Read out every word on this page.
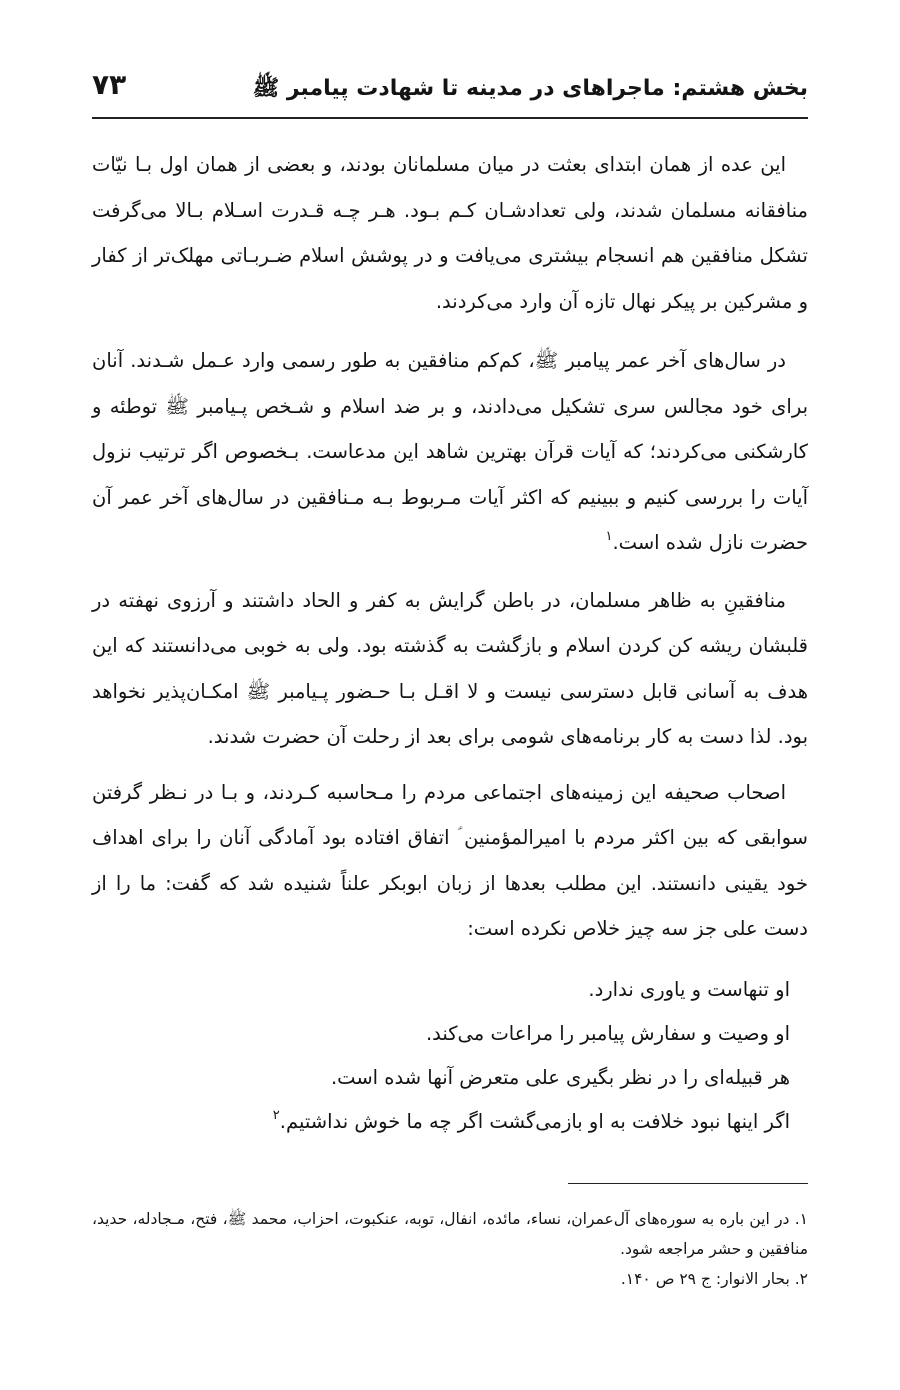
بخش هشتم: ماجراهای در مدینه تا شهادت پیامبر ﷺ
۷۳

این عده از همان ابتدای بعثت در میان مسلمانان بودند، و بعضی از همان اول بـا نیّات منافقانه مسلمان شدند، ولی تعدادشـان کـم بـود. هـر چـه قـدرت اسـلام بـالا می‌گرفت تشکل منافقین هم انسجام بیشتری می‌یافت و در پوشش اسلام ضـربـاتی مهلک‌تر از کفار و مشرکین بر پیکر نهال تازه آن وارد می‌کردند.

در سال‌های آخر عمر پیامبر ﷺ، کم‌کم منافقین به طور رسمی وارد عـمل شـدند. آنان برای خود مجالس سری تشکیل می‌دادند، و بر ضد اسلام و شـخص پـیامبر ﷺ توطئه و کارشکنی می‌کردند؛ که آیات قرآن بهترین شاهد این مدعاست. بـخصوص اگر ترتیب نزول آیات را بررسی کنیم و ببینیم که اکثر آیات مـربوط بـه مـنافقین در سال‌های آخر عمر آن حضرت نازل شده است.$^۱$

منافقینِ به ظاهر مسلمان، در باطن گرایش به کفر و الحاد داشتند و آرزوی نهفته در قلبشان ریشه کن کردن اسلام و بازگشت به گذشته بود. ولی به خوبی می‌دانستند که این هدف به آسانی قابل دسترسی نیست و لا اقـل بـا حـضور پـیامبر ﷺ امکـان‌پذیر نخواهد بود. لذا دست به کار برنامه‌های شومی برای بعد از رحلت آن حضرت شدند.

اصحاب صحیفه این زمینه‌های اجتماعی مردم را مـحاسبه کـردند، و بـا در نـظر گرفتن سوابقی که بین اکثر مردم با امیرالمؤمنین ؑ اتفاق افتاده بود آمادگی آنان را برای اهداف خود یقینی دانستند. این مطلب بعدها از زبان ابوبکر علناً شنیده شد که گفت: ما را از دست علی جز سه چیز خلاص نکرده است:

او تنهاست و یاوری ندارد.
او وصیت و سفارش پیامبر را مراعات می‌کند.
هر قبیله‌ای را در نظر بگیری علی متعرض آنها شده است.
اگر اینها نبود خلافت به او بازمی‌گشت اگر چه ما خوش نداشتیم.$^۲$

۱. در این باره به سوره‌های آل‌عمران، نساء، مائده، انفال، توبه، عنکبوت، احزاب، محمد ﷺ، فتح، مـجادله، حدید، منافقین و حشر مراجعه شود.

۲. بحار الانوار: ج ۲۹ ص ۱۴۰.
